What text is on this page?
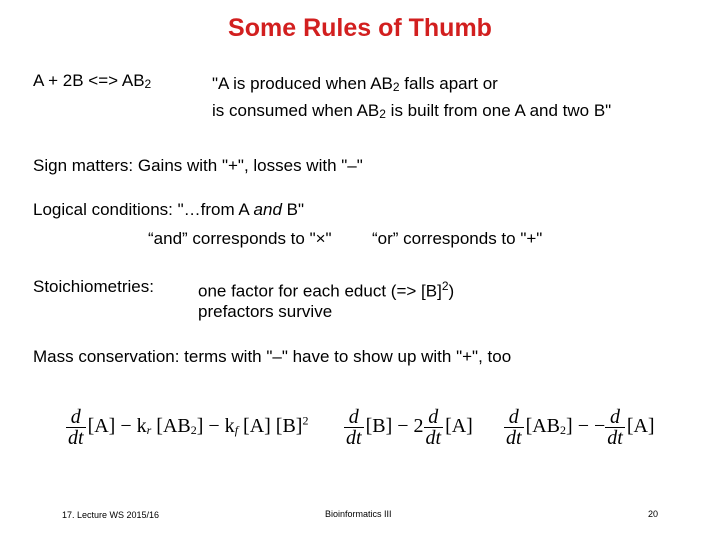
Some Rules of Thumb
A + 2B <=> $AB_2$	"A is produced when $AB_2$ falls apart or
is consumed when $AB_2$ is built from one A and two B"
Sign matters: Gains with "+", losses with "–"
Logical conditions: "…from A and B"
“and” corresponds to "×" “or” corresponds to "+"
Stoichiometries:	one factor for each educt (=> $[B]^2$)
prefactors survive
Mass conservation: terms with "–" have to show up with "+", too
$\frac{d}{dt} [A] - k_r$ $[AB_2] - k_f$ [A] $[B]^2 \frac{d}{dt} [B] - 2 \frac{d}{dt} [A] \frac{d}{dt} [AB_2]$ − − $\frac{d}{dt} [A]$
17. Lecture WS 2015/16	Bioinformatics III	20
